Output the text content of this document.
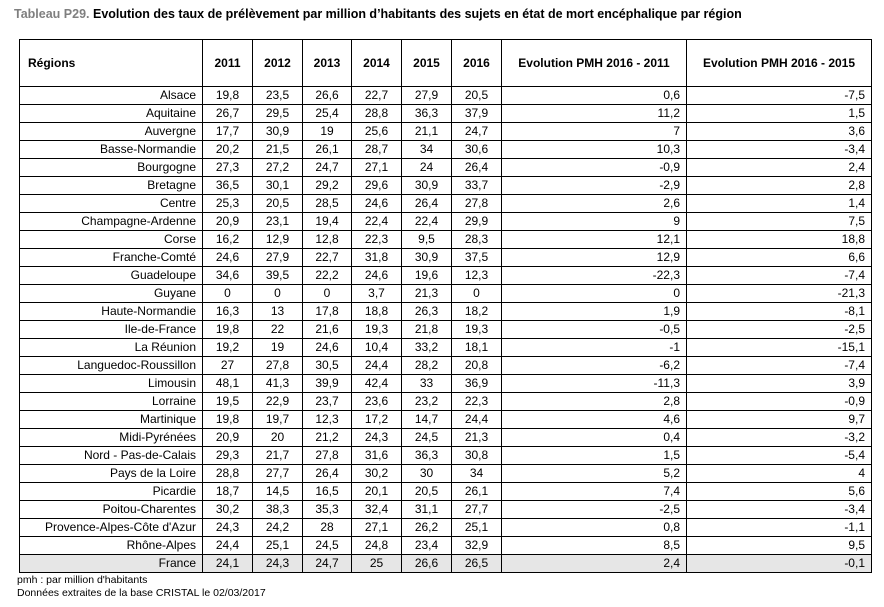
Tableau P29. Evolution des taux de prélèvement par million d’habitants des sujets en état de mort encéphalique par région
Régions	2011	2012	2013	2014	2015	2016	Evolution PMH 2016 - 2011	Evolution PMH 2016 - 2015
Alsace	19,8	23,5	26,6	22,7	27,9	20,5	0,6	-7,5
Aquitaine	26,7	29,5	25,4	28,8	36,3	37,9	11,2	1,5
Auvergne	17,7	30,9	19	25,6	21,1	24,7	7	3,6
Basse-Normandie	20,2	21,5	26,1	28,7	34	30,6	10,3	-3,4
Bourgogne	27,3	27,2	24,7	27,1	24	26,4	-0,9	2,4
Bretagne	36,5	30,1	29,2	29,6	30,9	33,7	-2,9	2,8
Centre	25,3	20,5	28,5	24,6	26,4	27,8	2,6	1,4
Champagne-Ardenne	20,9	23,1	19,4	22,4	22,4	29,9	9	7,5
Corse	16,2	12,9	12,8	22,3	9,5	28,3	12,1	18,8
Franche-Comté	24,6	27,9	22,7	31,8	30,9	37,5	12,9	6,6
Guadeloupe	34,6	39,5	22,2	24,6	19,6	12,3	-22,3	-7,4
Guyane	0	0	0	3,7	21,3	0	0	-21,3
Haute-Normandie	16,3	13	17,8	18,8	26,3	18,2	1,9	-8,1
Ile-de-France	19,8	22	21,6	19,3	21,8	19,3	-0,5	-2,5
La Réunion	19,2	19	24,6	10,4	33,2	18,1	-1	-15,1
Languedoc-Roussillon	27	27,8	30,5	24,4	28,2	20,8	-6,2	-7,4
Limousin	48,1	41,3	39,9	42,4	33	36,9	-11,3	3,9
Lorraine	19,5	22,9	23,7	23,6	23,2	22,3	2,8	-0,9
Martinique	19,8	19,7	12,3	17,2	14,7	24,4	4,6	9,7
Midi-Pyrénées	20,9	20	21,2	24,3	24,5	21,3	0,4	-3,2
Nord - Pas-de-Calais	29,3	21,7	27,8	31,6	36,3	30,8	1,5	-5,4
Pays de la Loire	28,8	27,7	26,4	30,2	30	34	5,2	4
Picardie	18,7	14,5	16,5	20,1	20,5	26,1	7,4	5,6
Poitou-Charentes	30,2	38,3	35,3	32,4	31,1	27,7	-2,5	-3,4
Provence-Alpes-Côte d'Azur	24,3	24,2	28	27,1	26,2	25,1	0,8	-1,1
Rhône-Alpes	24,4	25,1	24,5	24,8	23,4	32,9	8,5	9,5
France	24,1	24,3	24,7	25	26,6	26,5	2,4	-0,1
pmh : par million d'habitants
Données extraites de la base CRISTAL le 02/03/2017
